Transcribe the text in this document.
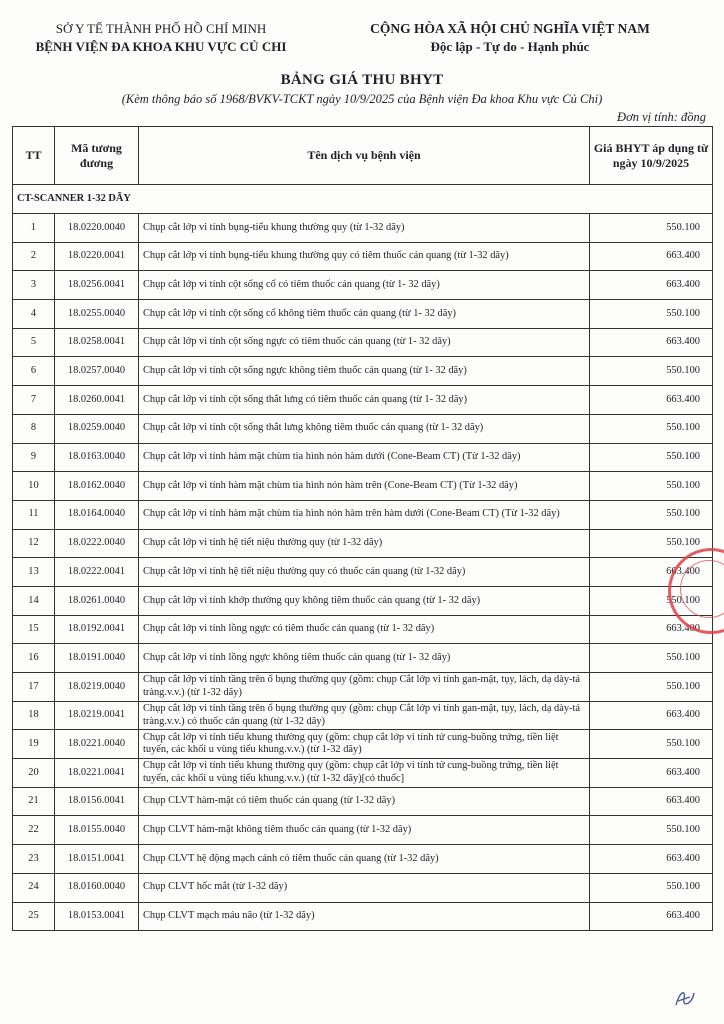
SỞ Y TẾ THÀNH PHỐ HỒ CHÍ MINH
BỆNH VIỆN ĐA KHOA KHU VỰC CỦ CHI
CỘNG HÒA XÃ HỘI CHỦ NGHĨA VIỆT NAM
Độc lập - Tự do - Hạnh phúc
BẢNG GIÁ THU BHYT
(Kèm thông báo số 1968/BVKV-TCKT ngày 10/9/2025 của Bệnh viện Đa khoa Khu vực Củ Chi)
Đơn vị tính: đồng
TT	Mã tương đương	Tên dịch vụ bệnh viện	Giá BHYT áp dụng từ ngày 10/9/2025
CT-SCANNER 1-32 DÃY			
1	18.0220.0040	Chụp cắt lớp vi tính bụng-tiểu khung thường quy (từ 1-32 dãy)	550.100
2	18.0220.0041	Chụp cắt lớp vi tính bụng-tiểu khung thường quy có tiêm thuốc cản quang (từ 1-32 dãy)	663.400
3	18.0256.0041	Chụp cắt lớp vi tính cột sống cổ có tiêm thuốc cản quang (từ 1- 32 dãy)	663.400
4	18.0255.0040	Chụp cắt lớp vi tính cột sống cổ không tiêm thuốc cản quang (từ 1- 32 dãy)	550.100
5	18.0258.0041	Chụp cắt lớp vi tính cột sống ngực có tiêm thuốc cản quang (từ 1- 32 dãy)	663.400
6	18.0257.0040	Chụp cắt lớp vi tính cột sống ngực không tiêm thuốc cản quang (từ 1- 32 dãy)	550.100
7	18.0260.0041	Chụp cắt lớp vi tính cột sống thắt lưng có tiêm thuốc cản quang (từ 1- 32 dãy)	663.400
8	18.0259.0040	Chụp cắt lớp vi tính cột sống thắt lưng không tiêm thuốc cản quang (từ 1- 32 dãy)	550.100
9	18.0163.0040	Chụp cắt lớp vi tính hàm mặt chùm tia hình nón hàm dưới (Cone-Beam CT) (Từ 1-32 dãy)	550.100
10	18.0162.0040	Chụp cắt lớp vi tính hàm mặt chùm tia hình nón hàm trên (Cone-Beam CT) (Từ 1-32 dãy)	550.100
11	18.0164.0040	Chụp cắt lớp vi tính hàm mặt chùm tia hình nón hàm trên hàm dưới (Cone-Beam CT) (Từ 1-32 dãy)	550.100
12	18.0222.0040	Chụp cắt lớp vi tính hệ tiết niệu thường quy (từ 1-32 dãy)	550.100
13	18.0222.0041	Chụp cắt lớp vi tính hệ tiết niệu thường quy có thuốc cản quang (từ 1-32 dãy)	663.400
14	18.0261.0040	Chụp cắt lớp vi tính khớp thường quy không tiêm thuốc cản quang (từ 1- 32 dãy)	550.100
15	18.0192.0041	Chụp cắt lớp vi tính lồng ngực có tiêm thuốc cản quang (từ 1- 32 dãy)	663.400
16	18.0191.0040	Chụp cắt lớp vi tính lồng ngực không tiêm thuốc cản quang (từ 1- 32 dãy)	550.100
17	18.0219.0040	Chụp cắt lớp vi tính tầng trên ổ bụng thường quy (gồm: chụp Cắt lớp vi tính gan-mật, tụy, lách, dạ dày-tá tràng.v.v.) (từ 1-32 dãy)	550.100
18	18.0219.0041	Chụp cắt lớp vi tính tầng trên ổ bụng thường quy (gồm: chụp Cắt lớp vi tính gan-mật, tụy, lách, dạ dày-tá tràng.v.v.) có thuốc cản quang (từ 1-32 dãy)	663.400
19	18.0221.0040	Chụp cắt lớp vi tính tiểu khung thường quy (gồm: chụp cắt lớp vi tính tử cung-buồng trứng, tiền liệt tuyến, các khối u vùng tiểu khung.v.v.) (từ 1-32 dãy)	550.100
20	18.0221.0041	Chụp cắt lớp vi tính tiểu khung thường quy (gồm: chụp cắt lớp vi tính tử cung-buồng trứng, tiền liệt tuyến, các khối u vùng tiểu khung.v.v.) (từ 1-32 dãy)[có thuốc]	663.400
21	18.0156.0041	Chụp CLVT hàm-mặt có tiêm thuốc cản quang (từ 1-32 dãy)	663.400
22	18.0155.0040	Chụp CLVT hàm-mặt không tiêm thuốc cản quang (từ 1-32 dãy)	550.100
23	18.0151.0041	Chụp CLVT hệ động mạch cảnh có tiêm thuốc cản quang (từ 1-32 dãy)	663.400
24	18.0160.0040	Chụp CLVT hốc mắt (từ 1-32 dãy)	550.100
25	18.0153.0041	Chụp CLVT mạch máu não (từ 1-32 dãy)	663.400
